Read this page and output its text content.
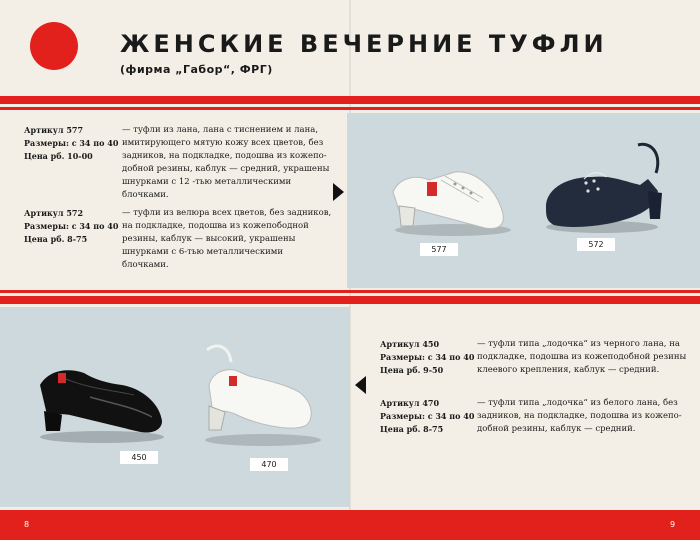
ЖЕНСКИЕ ВЕЧЕРНИЕ ТУФЛИ
(фирма „Габор“, ФРГ)
Артикул 577
Размеры: с 34 по 40
Цена рб. 10-00
— туфли из лана, лана с тиснением и лана, имитирующего мятую кожу всех цветов, без задников, на подкладке, подошва из кожепо-добной резины, каблук — средний, украшены шнурками с 12 -тью металлическими блочками.
Артикул 572
Размеры: с 34 по 40
Цена рб. 8-75
— туфли из велюра всех цветов, без задников, на подкладке, подошва из кожепободной резины, каблук — высокий, украшены шнурками с 6-тью металлическими блочками.
Артикул 450
Размеры: с 34 по 40
Цена рб. 9-50
— туфли типа „лодочка“ из черного лана, на подкладке, подошва из кожеподобной резины клеевого крепления, каблук — средний.
Артикул 470
Размеры: с 34 по 40
Цена рб. 8-75
— туфли типа „лодочка“ из белого лана, без задников, на подкладке, подошва из кожепо-добной резины, каблук — средний.
577
572
450
470
8	9
